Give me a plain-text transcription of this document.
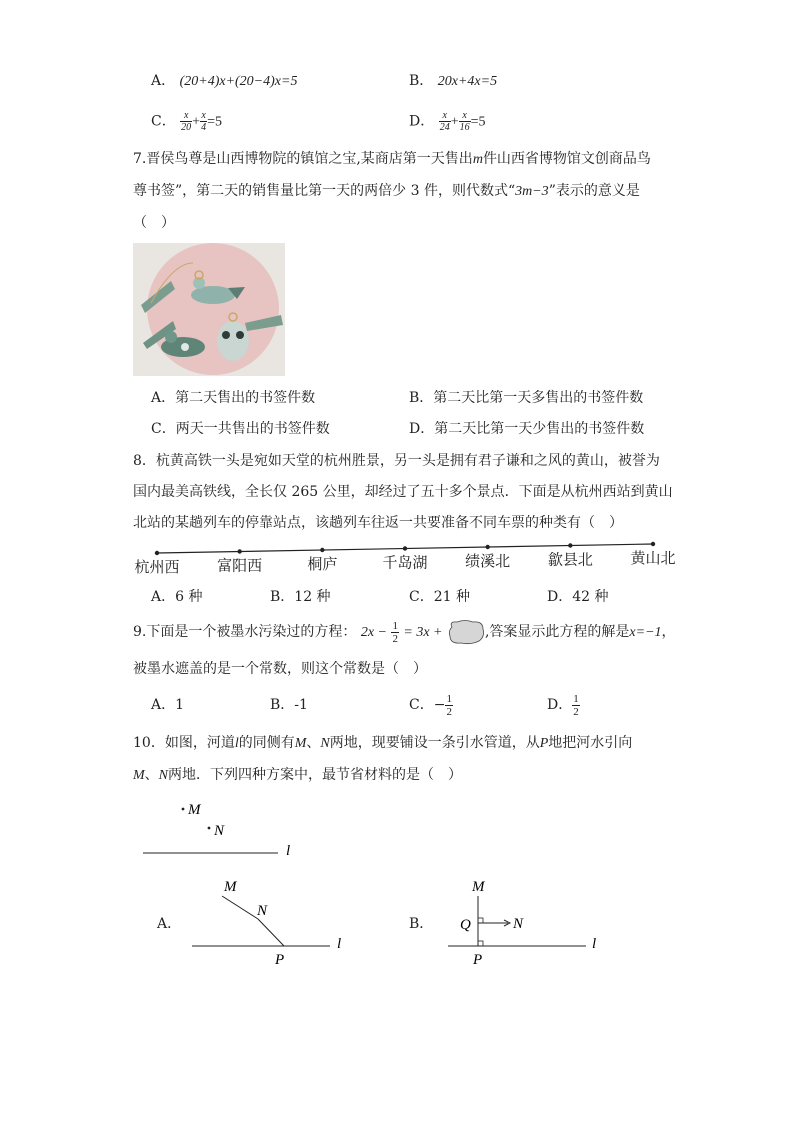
A． (20+4)x+(20−4)x=5	B． 20x+4x=5
C． $\frac{x}{20} + \frac{x}{4} =5$	D． $\frac{x}{24} + \frac{x}{16} =5$
7.晋侯鸟尊是山西博物院的镇馆之宝,某商店第一天售出m件山西省博物馆文创商品鸟
尊书签”，第二天的销售量比第一天的两倍少 3 件，则代数式“3m−3”表示的意义是
（　）
A．第二天售出的书签件数	B．第二天比第一天多售出的书签件数
C．两天一共售出的书签件数	D．第二天比第一天少售出的书签件数
8．杭黄高铁一头是宛如天堂的杭州胜景，另一头是拥有君子谦和之风的黄山，被誉为
国内最美高铁线，全长仅 265 公里，却经过了五十多个景点．下面是从杭州西站到黄山
北站的某趟列车的停靠站点，该趟列车往返一共要准备不同车票的种类有（　）
杭州西	富阳西	桐庐	千岛湖	绩溪北	歙县北	黄山北
A．6 种	B．12 种	C．21 种	D．42 种
9.下面是一个被墨水污染过的方程： $2x - \frac{1}{2} = 3x$ +	,答案显示此方程的解是x=−1，
被墨水遮盖的是一个常数，则这个常数是（　）
A．1	B．-1	C．− $\frac{1}{2}$	D． $\frac{1}{2}$
10．如图，河道l的同侧有M、N两地，现要铺设一条引水管道，从P地把河水引向
M、N两地．下列四种方案中，最节省材料的是（　）
M
N
l
A．
M
N
P
l
B．
M
Q	N
P
l
